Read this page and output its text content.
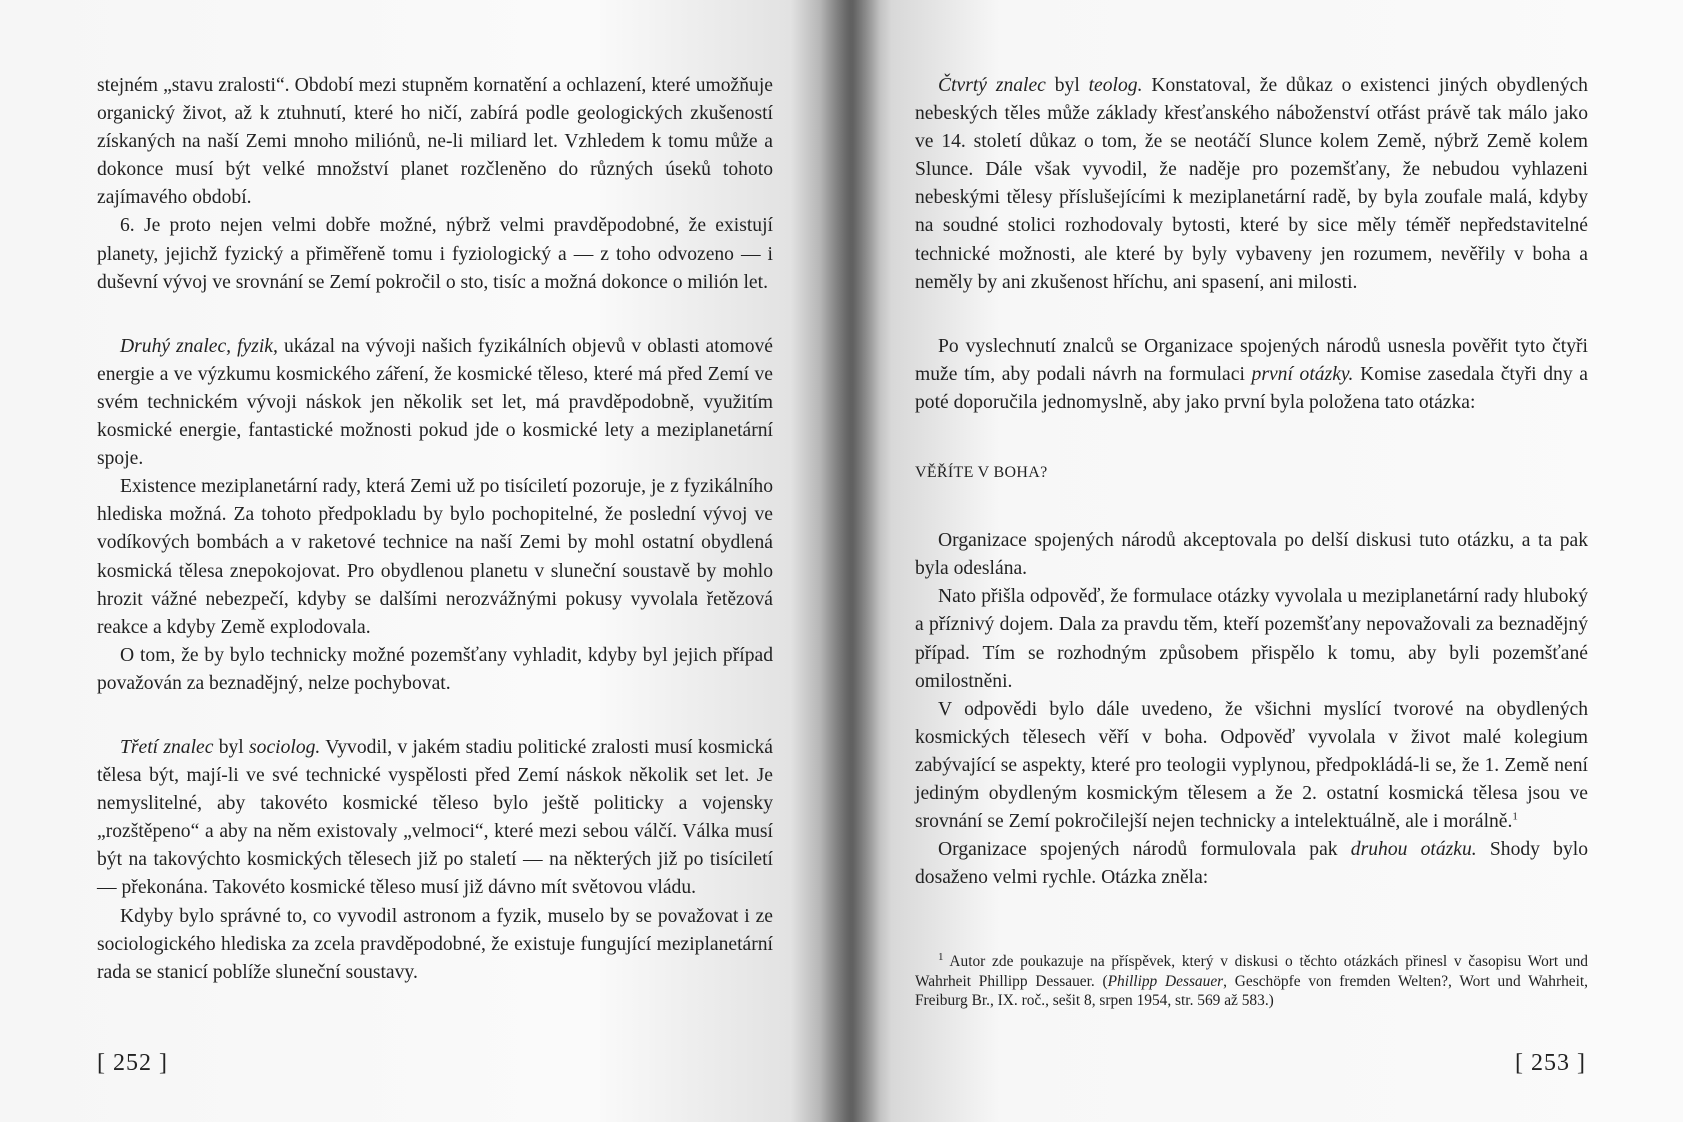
stejném „stavu zralosti“. Období mezi stupněm kornatění a ochlazení, které umožňuje organický život, až k ztuhnutí, které ho ničí, zabírá podle geologických zkušeností získaných na naší Zemi mnoho miliónů, ne-li miliard let. Vzhledem k tomu může a dokonce musí být velké množství planet rozčleněno do různých úseků tohoto zajímavého období.

6. Je proto nejen velmi dobře možné, nýbrž velmi pravděpodobné, že existují planety, jejichž fyzický a přiměřeně tomu i fyziologický a — z toho odvozeno — i duševní vývoj ve srovnání se Zemí pokročil o sto, tisíc a možná dokonce o milión let.

Druhý znalec, fyzik, ukázal na vývoji našich fyzikálních objevů v oblasti atomové energie a ve výzkumu kosmického záření, že kosmické těleso, které má před Zemí ve svém technickém vývoji náskok jen několik set let, má pravděpodobně, využitím kosmické energie, fantastické možnosti pokud jde o kosmické lety a meziplanetární spoje.

Existence meziplanetární rady, která Zemi už po tisíciletí pozoruje, je z fyzikálního hlediska možná. Za tohoto předpokladu by bylo pochopitelné, že poslední vývoj ve vodíkových bombách a v raketové technice na naší Zemi by mohl ostatní obydlená kosmická tělesa znepokojovat. Pro obydlenou planetu v sluneční soustavě by mohlo hrozit vážné nebezpečí, kdyby se dalšími nerozvážnými pokusy vyvolala řetězová reakce a kdyby Země explodovala.

O tom, že by bylo technicky možné pozemšťany vyhladit, kdyby byl jejich případ považován za beznadějný, nelze pochybovat.

Třetí znalec byl sociolog. Vyvodil, v jakém stadiu politické zralosti musí kosmická tělesa být, mají-li ve své technické vyspělosti před Zemí náskok několik set let. Je nemyslitelné, aby takovéto kosmické těleso bylo ještě politicky a vojensky „rozštěpeno“ a aby na něm existovaly „velmoci“, které mezi sebou válčí. Válka musí být na takovýchto kosmických tělesech již po staletí — na některých již po tisíciletí — překonána. Takovéto kosmické těleso musí již dávno mít světovou vládu.

Kdyby bylo správné to, co vyvodil astronom a fyzik, muselo by se považovat i ze sociologického hlediska za zcela pravděpodobné, že existuje fungující meziplanetární rada se stanicí poblíže sluneční soustavy.

[ 252 ]

Čtvrtý znalec byl teolog. Konstatoval, že důkaz o existenci jiných obydlených nebeských těles může základy křesťanského náboženství otřást právě tak málo jako ve 14. století důkaz o tom, že se neotáčí Slunce kolem Země, nýbrž Země kolem Slunce. Dále však vyvodil, že naděje pro pozemšťany, že nebudou vyhlazeni nebeskými tělesy příslušejícími k meziplanetární radě, by byla zoufale malá, kdyby na soudné stolici rozhodovaly bytosti, které by sice měly téměř nepředstavitelné technické možnosti, ale které by byly vybaveny jen rozumem, nevěřily v boha a neměly by ani zkušenost hříchu, ani spasení, ani milosti.

Po vyslechnutí znalců se Organizace spojených národů usnesla pověřit tyto čtyři muže tím, aby podali návrh na formulaci první otázky. Komise zasedala čtyři dny a poté doporučila jednomyslně, aby jako první byla položena tato otázka:

VĚŘÍTE V BOHA?

Organizace spojených národů akceptovala po delší diskusi tuto otázku, a ta pak byla odeslána.

Nato přišla odpověď, že formulace otázky vyvolala u meziplanetární rady hluboký a příznivý dojem. Dala za pravdu těm, kteří pozemšťany nepovažovali za beznadějný případ. Tím se rozhodným způsobem přispělo k tomu, aby byli pozemšťané omilostněni.

V odpovědi bylo dále uvedeno, že všichni myslící tvorové na obydlených kosmických tělesech věří v boha. Odpověď vyvolala v život malé kolegium zabývající se aspekty, které pro teologii vyplynou, předpokládá-li se, že 1. Země není jediným obydleným kosmickým tělesem a že 2. ostatní kosmická tělesa jsou ve srovnání se Zemí pokročilejší nejen technicky a intelektuálně, ale i morálně.$^1$

Organizace spojených národů formulovala pak druhou otázku. Shody bylo dosaženo velmi rychle. Otázka zněla:

$^1$ Autor zde poukazuje na příspěvek, který v diskusi o těchto otázkách přinesl v časopisu Wort und Wahrheit Phillipp Dessauer. (Phillipp Dessauer, Geschöpfe von fremden Welten?, Wort und Wahrheit, Freiburg Br., IX. roč., sešit 8, srpen 1954, str. 569 až 583.)

[ 253 ]
